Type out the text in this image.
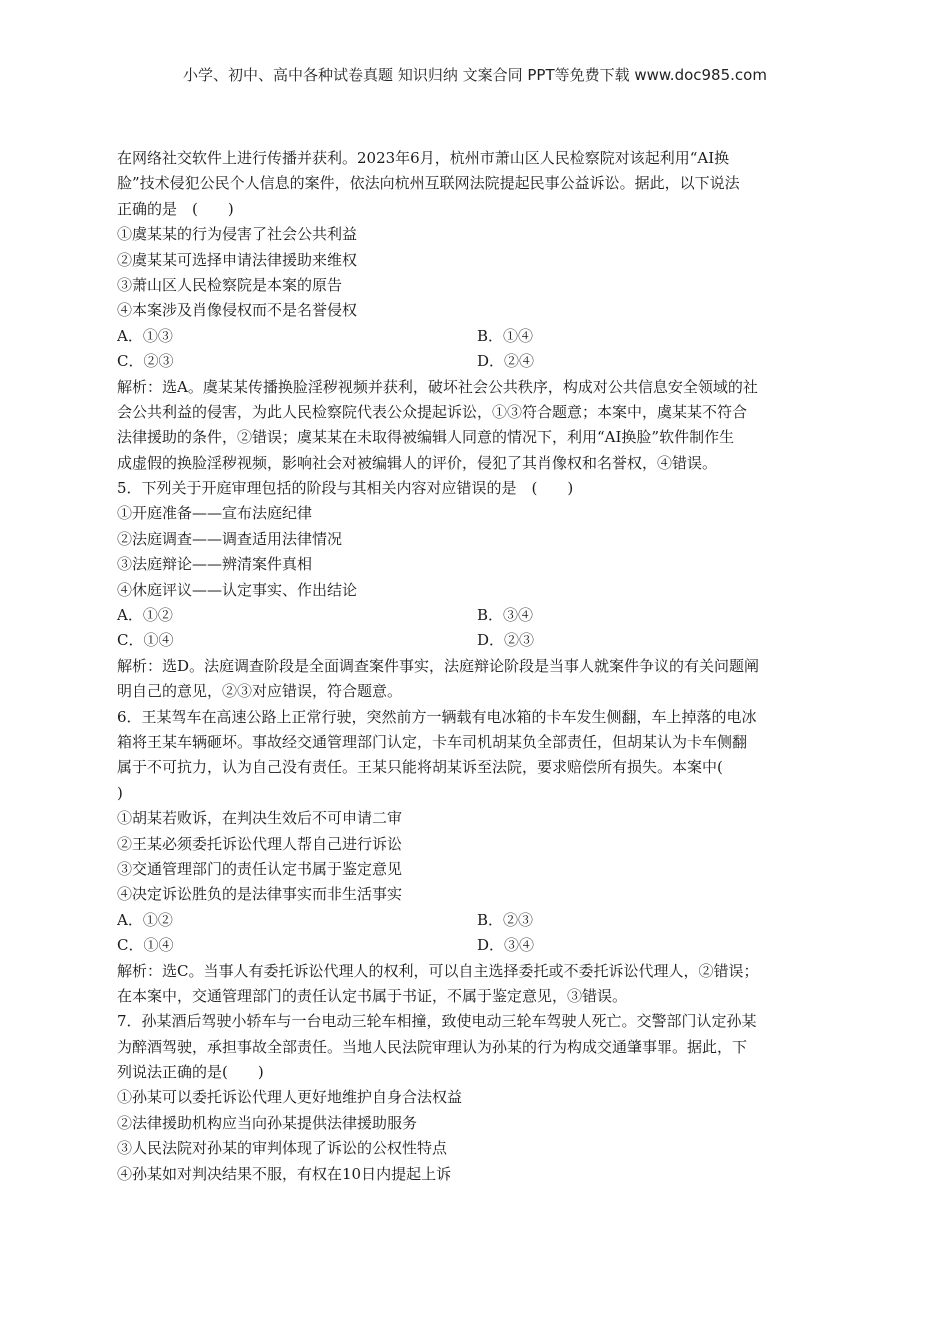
小学、初中、高中各种试卷真题 知识归纳 文案合同 PPT等免费下载 www.doc985.com
在网络社交软件上进行传播并获利。2023年6月，杭州市萧山区人民检察院对该起利用“AI换
脸”技术侵犯公民个人信息的案件，依法向杭州互联网法院提起民事公益诉讼。据此，以下说法
正确的是　(　　)
①虞某某的行为侵害了社会公共利益
②虞某某可选择申请法律援助来维权
③萧山区人民检察院是本案的原告
④本案涉及肖像侵权而不是名誉侵权
A．①③	B．①④
C．②③	D．②④
解析：选A。虞某某传播换脸淫秽视频并获利，破坏社会公共秩序，构成对公共信息安全领域的社
会公共利益的侵害，为此人民检察院代表公众提起诉讼，①③符合题意；本案中，虞某某不符合
法律援助的条件，②错误；虞某某在未取得被编辑人同意的情况下，利用“AI换脸”软件制作生
成虚假的换脸淫秽视频，影响社会对被编辑人的评价，侵犯了其肖像权和名誉权，④错误。
5．下列关于开庭审理包括的阶段与其相关内容对应错误的是　(　　)
①开庭准备——宣布法庭纪律
②法庭调查——调查适用法律情况
③法庭辩论——辨清案件真相
④休庭评议——认定事实、作出结论
A．①②	B．③④
C．①④	D．②③
解析：选D。法庭调查阶段是全面调查案件事实，法庭辩论阶段是当事人就案件争议的有关问题阐
明自己的意见，②③对应错误，符合题意。
6．王某驾车在高速公路上正常行驶，突然前方一辆载有电冰箱的卡车发生侧翻，车上掉落的电冰
箱将王某车辆砸坏。事故经交通管理部门认定，卡车司机胡某负全部责任，但胡某认为卡车侧翻
属于不可抗力，认为自己没有责任。王某只能将胡某诉至法院，要求赔偿所有损失。本案中(
)
①胡某若败诉，在判决生效后不可申请二审
②王某必须委托诉讼代理人帮自己进行诉讼
③交通管理部门的责任认定书属于鉴定意见
④决定诉讼胜负的是法律事实而非生活事实
A．①②	B．②③
C．①④	D．③④
解析：选C。当事人有委托诉讼代理人的权利，可以自主选择委托或不委托诉讼代理人，②错误；
在本案中，交通管理部门的责任认定书属于书证，不属于鉴定意见，③错误。
7．孙某酒后驾驶小轿车与一台电动三轮车相撞，致使电动三轮车驾驶人死亡。交警部门认定孙某
为醉酒驾驶，承担事故全部责任。当地人民法院审理认为孙某的行为构成交通肇事罪。据此，下
列说法正确的是(　　)
①孙某可以委托诉讼代理人更好地维护自身合法权益
②法律援助机构应当向孙某提供法律援助服务
③人民法院对孙某的审判体现了诉讼的公权性特点
④孙某如对判决结果不服，有权在10日内提起上诉
